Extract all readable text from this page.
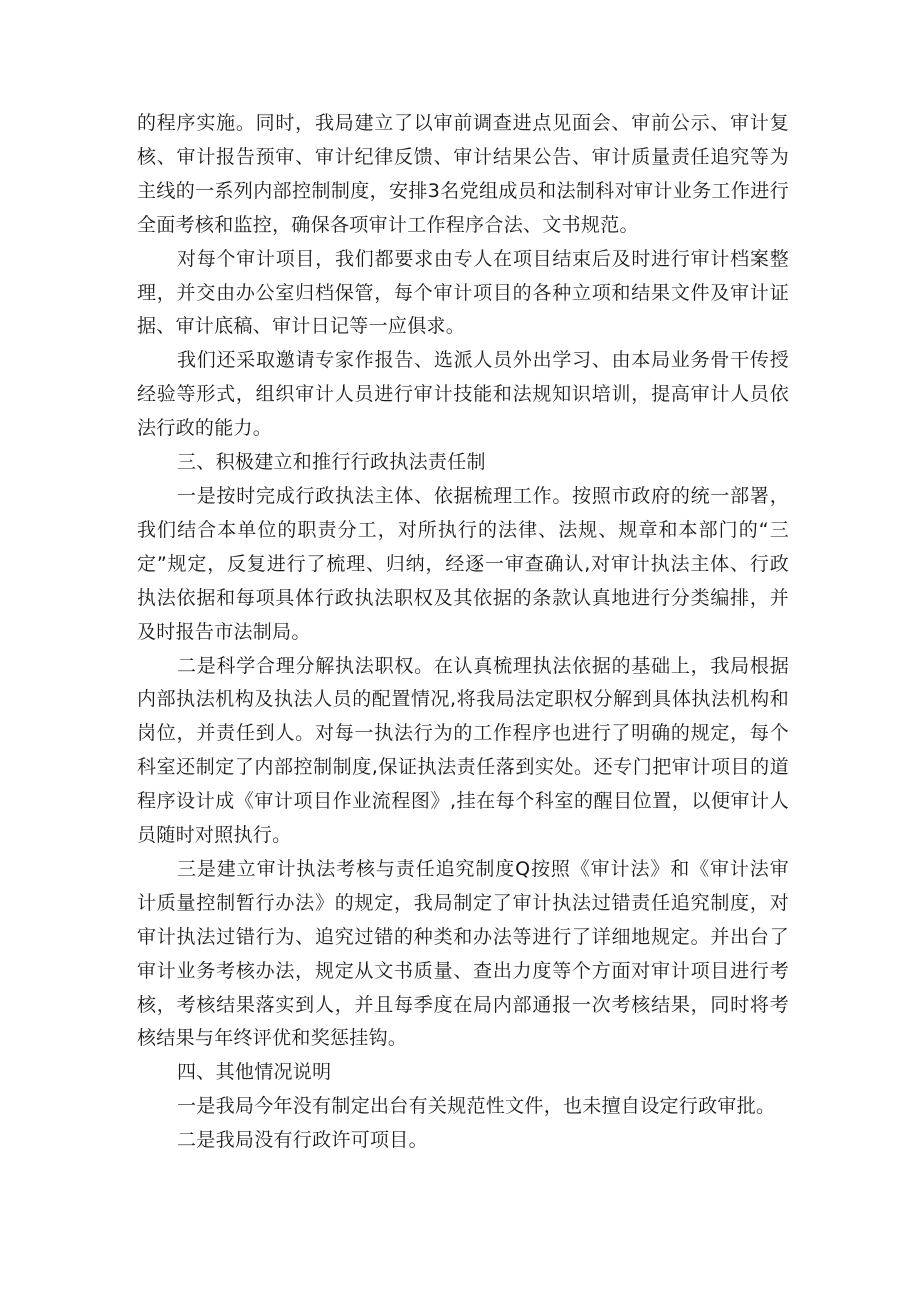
的程序实施。同时，我局建立了以审前调查进点见面会、审前公示、审计复核、审计报告预审、审计纪律反馈、审计结果公告、审计质量责任追究等为主线的一系列内部控制制度，安排3名党组成员和法制科对审计业务工作进行全面考核和监控，确保各项审计工作程序合法、文书规范。

对每个审计项目，我们都要求由专人在项目结束后及时进行审计档案整理，并交由办公室归档保管，每个审计项目的各种立项和结果文件及审计证据、审计底稿、审计日记等一应俱求。

我们还采取邀请专家作报告、选派人员外出学习、由本局业务骨干传授经验等形式，组织审计人员进行审计技能和法规知识培训，提高审计人员依法行政的能力。

三、积极建立和推行行政执法责任制

一是按时完成行政执法主体、依据梳理工作。按照市政府的统一部署，我们结合本单位的职责分工，对所执行的法律、法规、规章和本部门的“三定”规定，反复进行了梳理、归纳，经逐一审查确认,对审计执法主体、行政执法依据和每项具体行政执法职权及其依据的条款认真地进行分类编排，并及时报告市法制局。

二是科学合理分解执法职权。在认真梳理执法依据的基础上，我局根据内部执法机构及执法人员的配置情况,将我局法定职权分解到具体执法机构和岗位，并责任到人。对每一执法行为的工作程序也进行了明确的规定，每个科室还制定了内部控制制度,保证执法责任落到实处。还专门把审计项目的道程序设计成《审计项目作业流程图》,挂在每个科室的醒目位置，以便审计人员随时对照执行。

三是建立审计执法考核与责任追究制度Q按照《审计法》和《审计法审计质量控制暂行办法》的规定，我局制定了审计执法过错责任追究制度，对审计执法过错行为、追究过错的种类和办法等进行了详细地规定。并出台了审计业务考核办法，规定从文书质量、查出力度等个方面对审计项目进行考核，考核结果落实到人，并且每季度在局内部通报一次考核结果，同时将考核结果与年终评优和奖惩挂钩。

四、其他情况说明

一是我局今年没有制定出台有关规范性文件，也未擅自设定行政审批。

二是我局没有行政许可项目。
